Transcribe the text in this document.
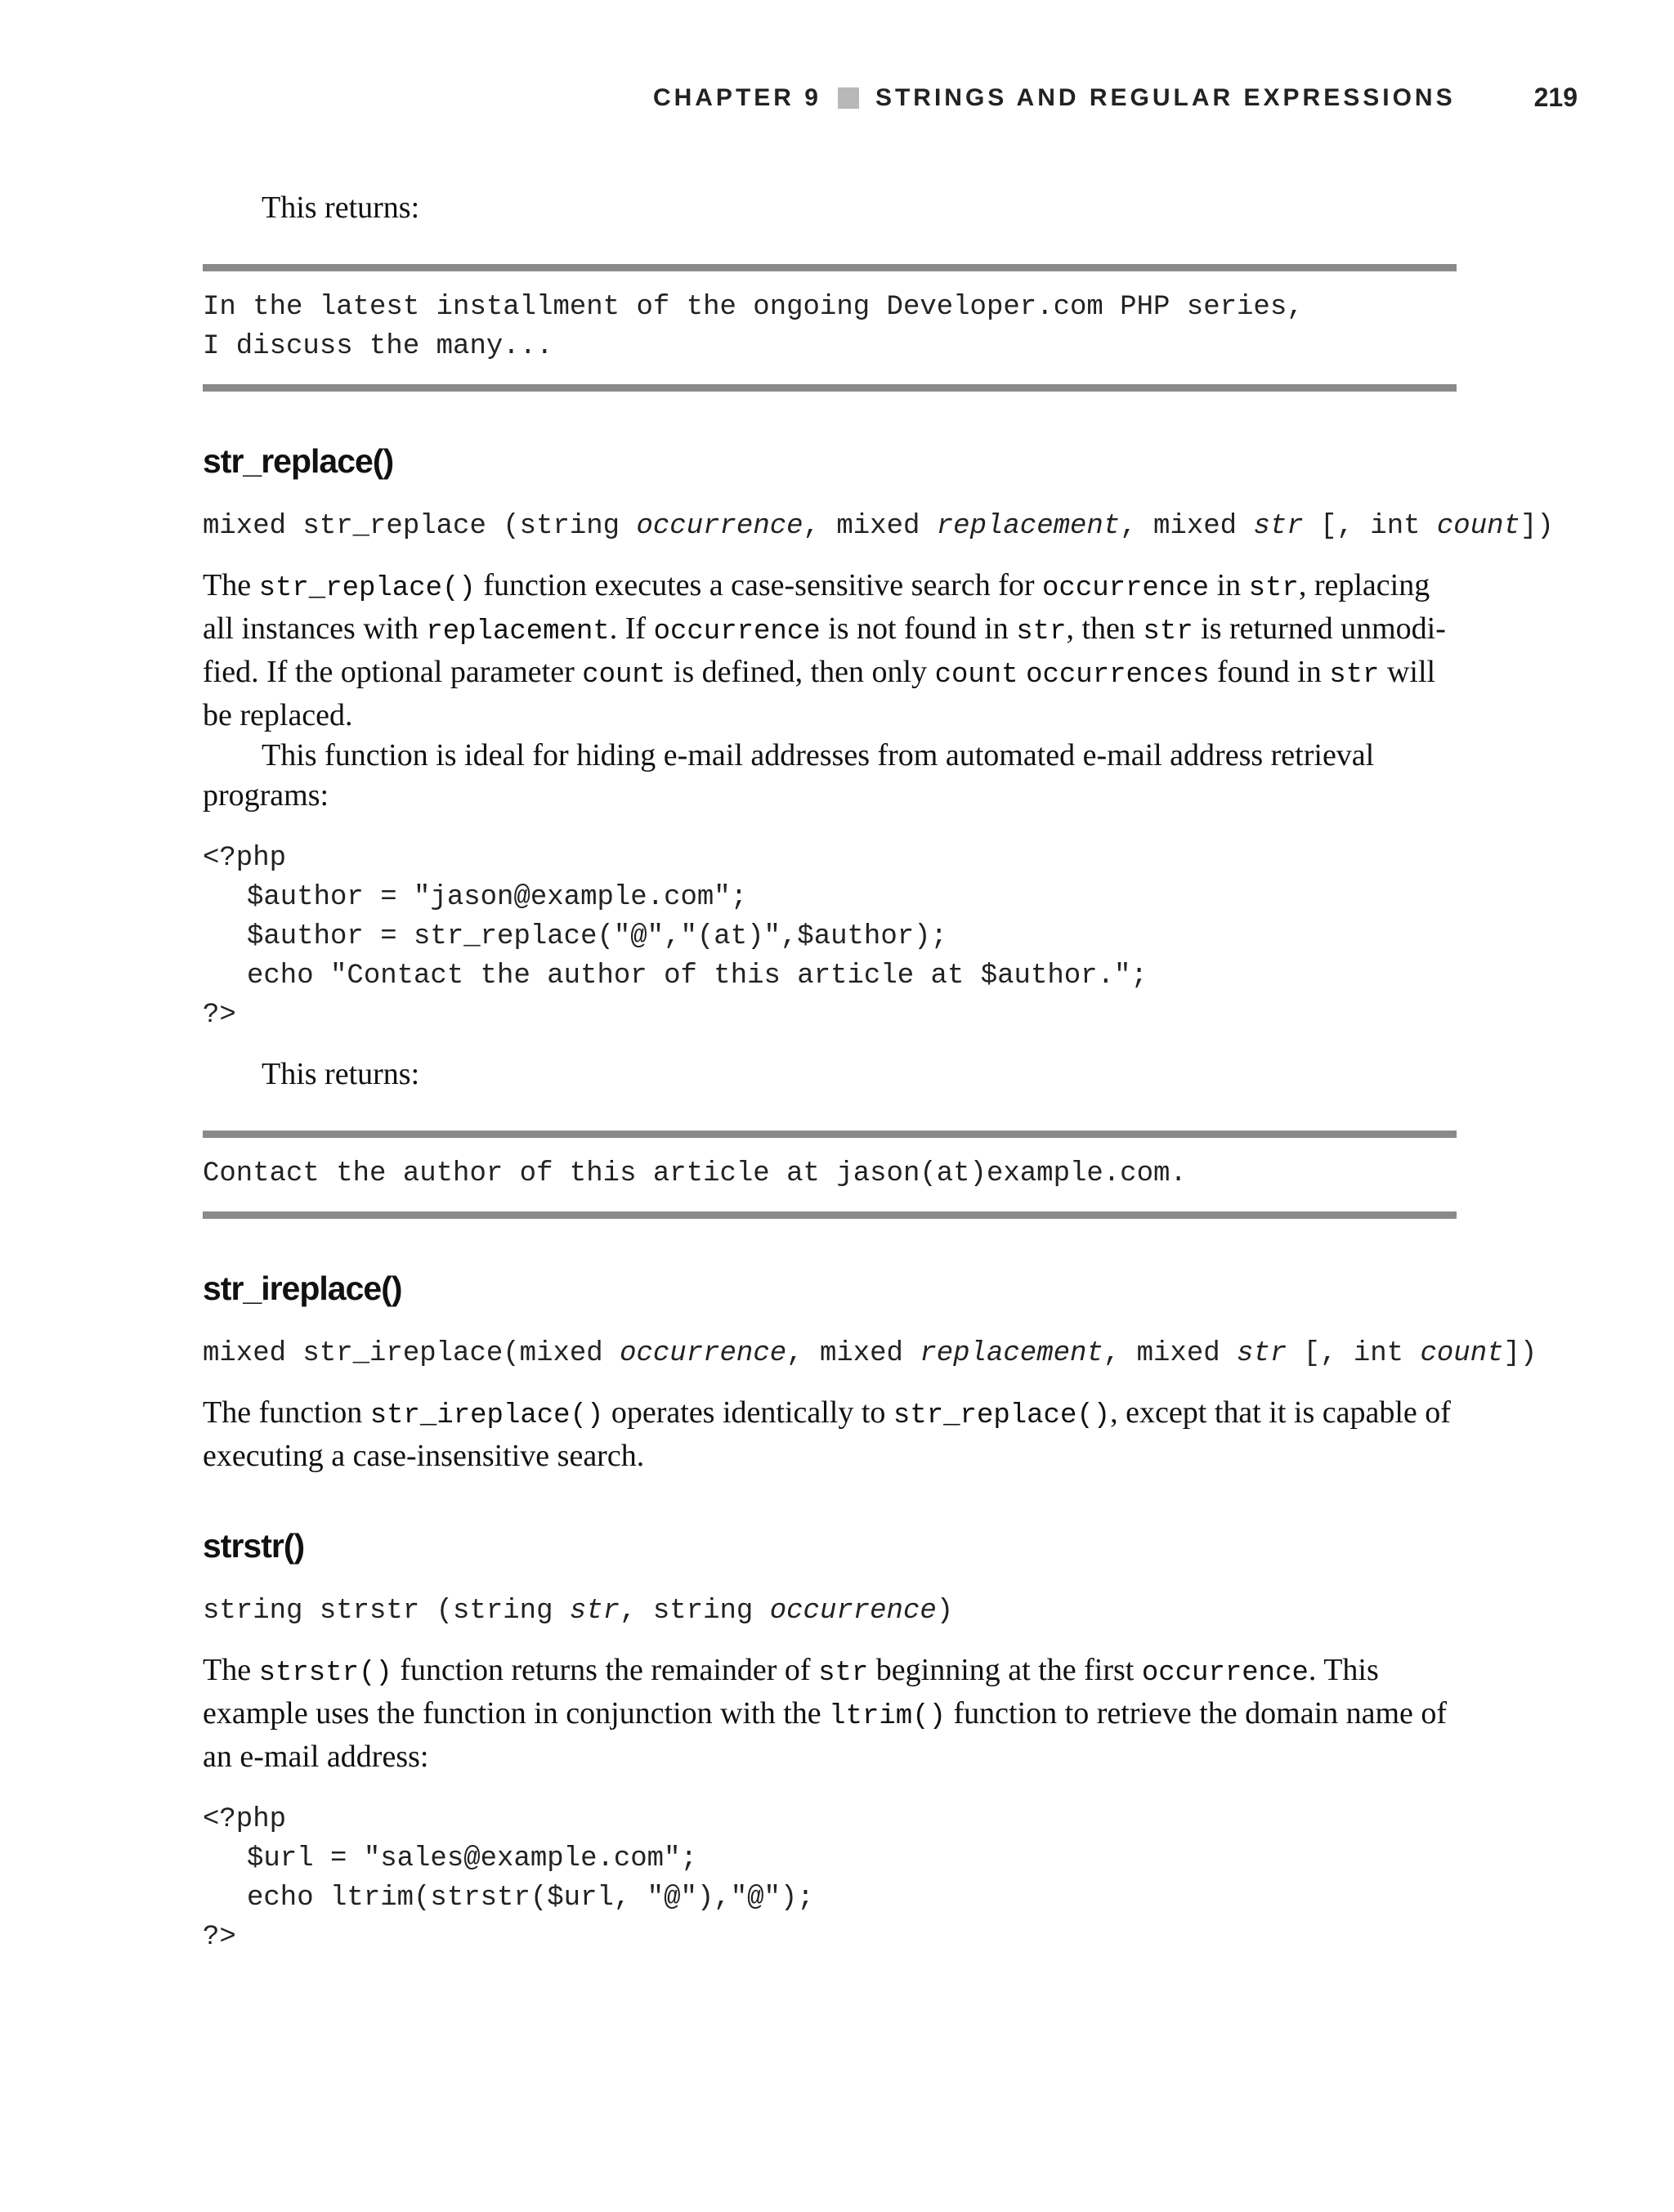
CHAPTER 9 STRINGS AND REGULAR EXPRESSIONS	219

This returns:

In the latest installment of the ongoing Developer.com PHP series,
I discuss the many...
str_replace()
mixed str_replace (string occurrence, mixed replacement, mixed str [, int count])

The str_replace() function executes a case-sensitive search for occurrence in str, replacing all instances with replacement. If occurrence is not found in str, then str is returned unmodi-fied. If the optional parameter count is defined, then only count occurrences found in str will be replaced.

This function is ideal for hiding e-mail addresses from automated e-mail address retrieval programs:

<?php
$author = "jason@example.com";
$author = str_replace("@","(at)",$author);
echo "Contact the author of this article at $author.";
?>

This returns:

Contact the author of this article at jason(at)example.com.
str_ireplace()
mixed str_ireplace(mixed occurrence, mixed replacement, mixed str [, int count])

The function str_ireplace() operates identically to str_replace(), except that it is capable of executing a case-insensitive search.

strstr()
string strstr (string str, string occurrence)

The strstr() function returns the remainder of str beginning at the first occurrence. This example uses the function in conjunction with the ltrim() function to retrieve the domain name of an e-mail address:

<?php
$url = "sales@example.com";
echo ltrim(strstr($url, "@"),"@");
?>
